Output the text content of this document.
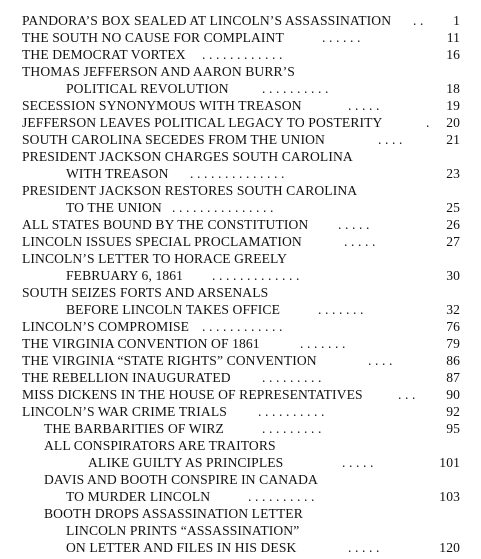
PANDORA’S BOX SEALED AT LINCOLN’S ASSASSINATION . . 1
THE SOUTH NO CAUSE FOR COMPLAINT	. . . . . .	11
THE DEMOCRAT VORTEX . . . . . . . . . . . .	16
THOMAS JEFFERSON AND AARON BURR’S
POLITICAL REVOLUTION . . . . . . . . . .	18
SECESSION SYNONYMOUS WITH TREASON	. . . . .	19
JEFFERSON LEAVES POLITICAL LEGACY TO POSTERITY	. 20
SOUTH CAROLINA SECEDES FROM THE UNION	. . . .	21
PRESIDENT JACKSON CHARGES SOUTH CAROLINA
WITH TREASON . . . . . . . . . . . . . .	23
PRESIDENT JACKSON RESTORES SOUTH CAROLINA
TO THE UNION . . . . . . . . . . . . . . .	25
ALL STATES BOUND BY THE CONSTITUTION . . . . .	26
LINCOLN ISSUES SPECIAL PROCLAMATION	. . . . .	27
LINCOLN’S LETTER TO HORACE GREELY
FEBRUARY 6, 1861 . . . . . . . . . . . . .	30
SOUTH SEIZES FORTS AND ARSENALS
BEFORE LINCOLN TAKES OFFICE	. . . . . . .	32
LINCOLN’S COMPROMISE . . . . . . . . . . . .	76
THE VIRGINIA CONVENTION OF 1861	. . . . . . .	79
THE VIRGINIA “STATE RIGHTS” CONVENTION	. . . .	86
THE REBELLION INAUGURATED . . . . . . . . .	87
MISS DICKENS IN THE HOUSE OF REPRESENTATIVES	. . . 90
LINCOLN’S WAR CRIME TRIALS . . . . . . . . . .	92
THE BARBARITIES OF WIRZ	. . . . . . . . .	95
ALL CONSPIRATORS ARE TRAITORS
ALIKE GUILTY AS PRINCIPLES	. . . . .	101
DAVIS AND BOOTH CONSPIRE IN CANADA
TO MURDER LINCOLN	. . . . . . . . . .	103
BOOTH DROPS ASSASSINATION LETTER
LINCOLN PRINTS “ASSASSINATION”
ON LETTER AND FILES IN HIS DESK	. . . . .	120
